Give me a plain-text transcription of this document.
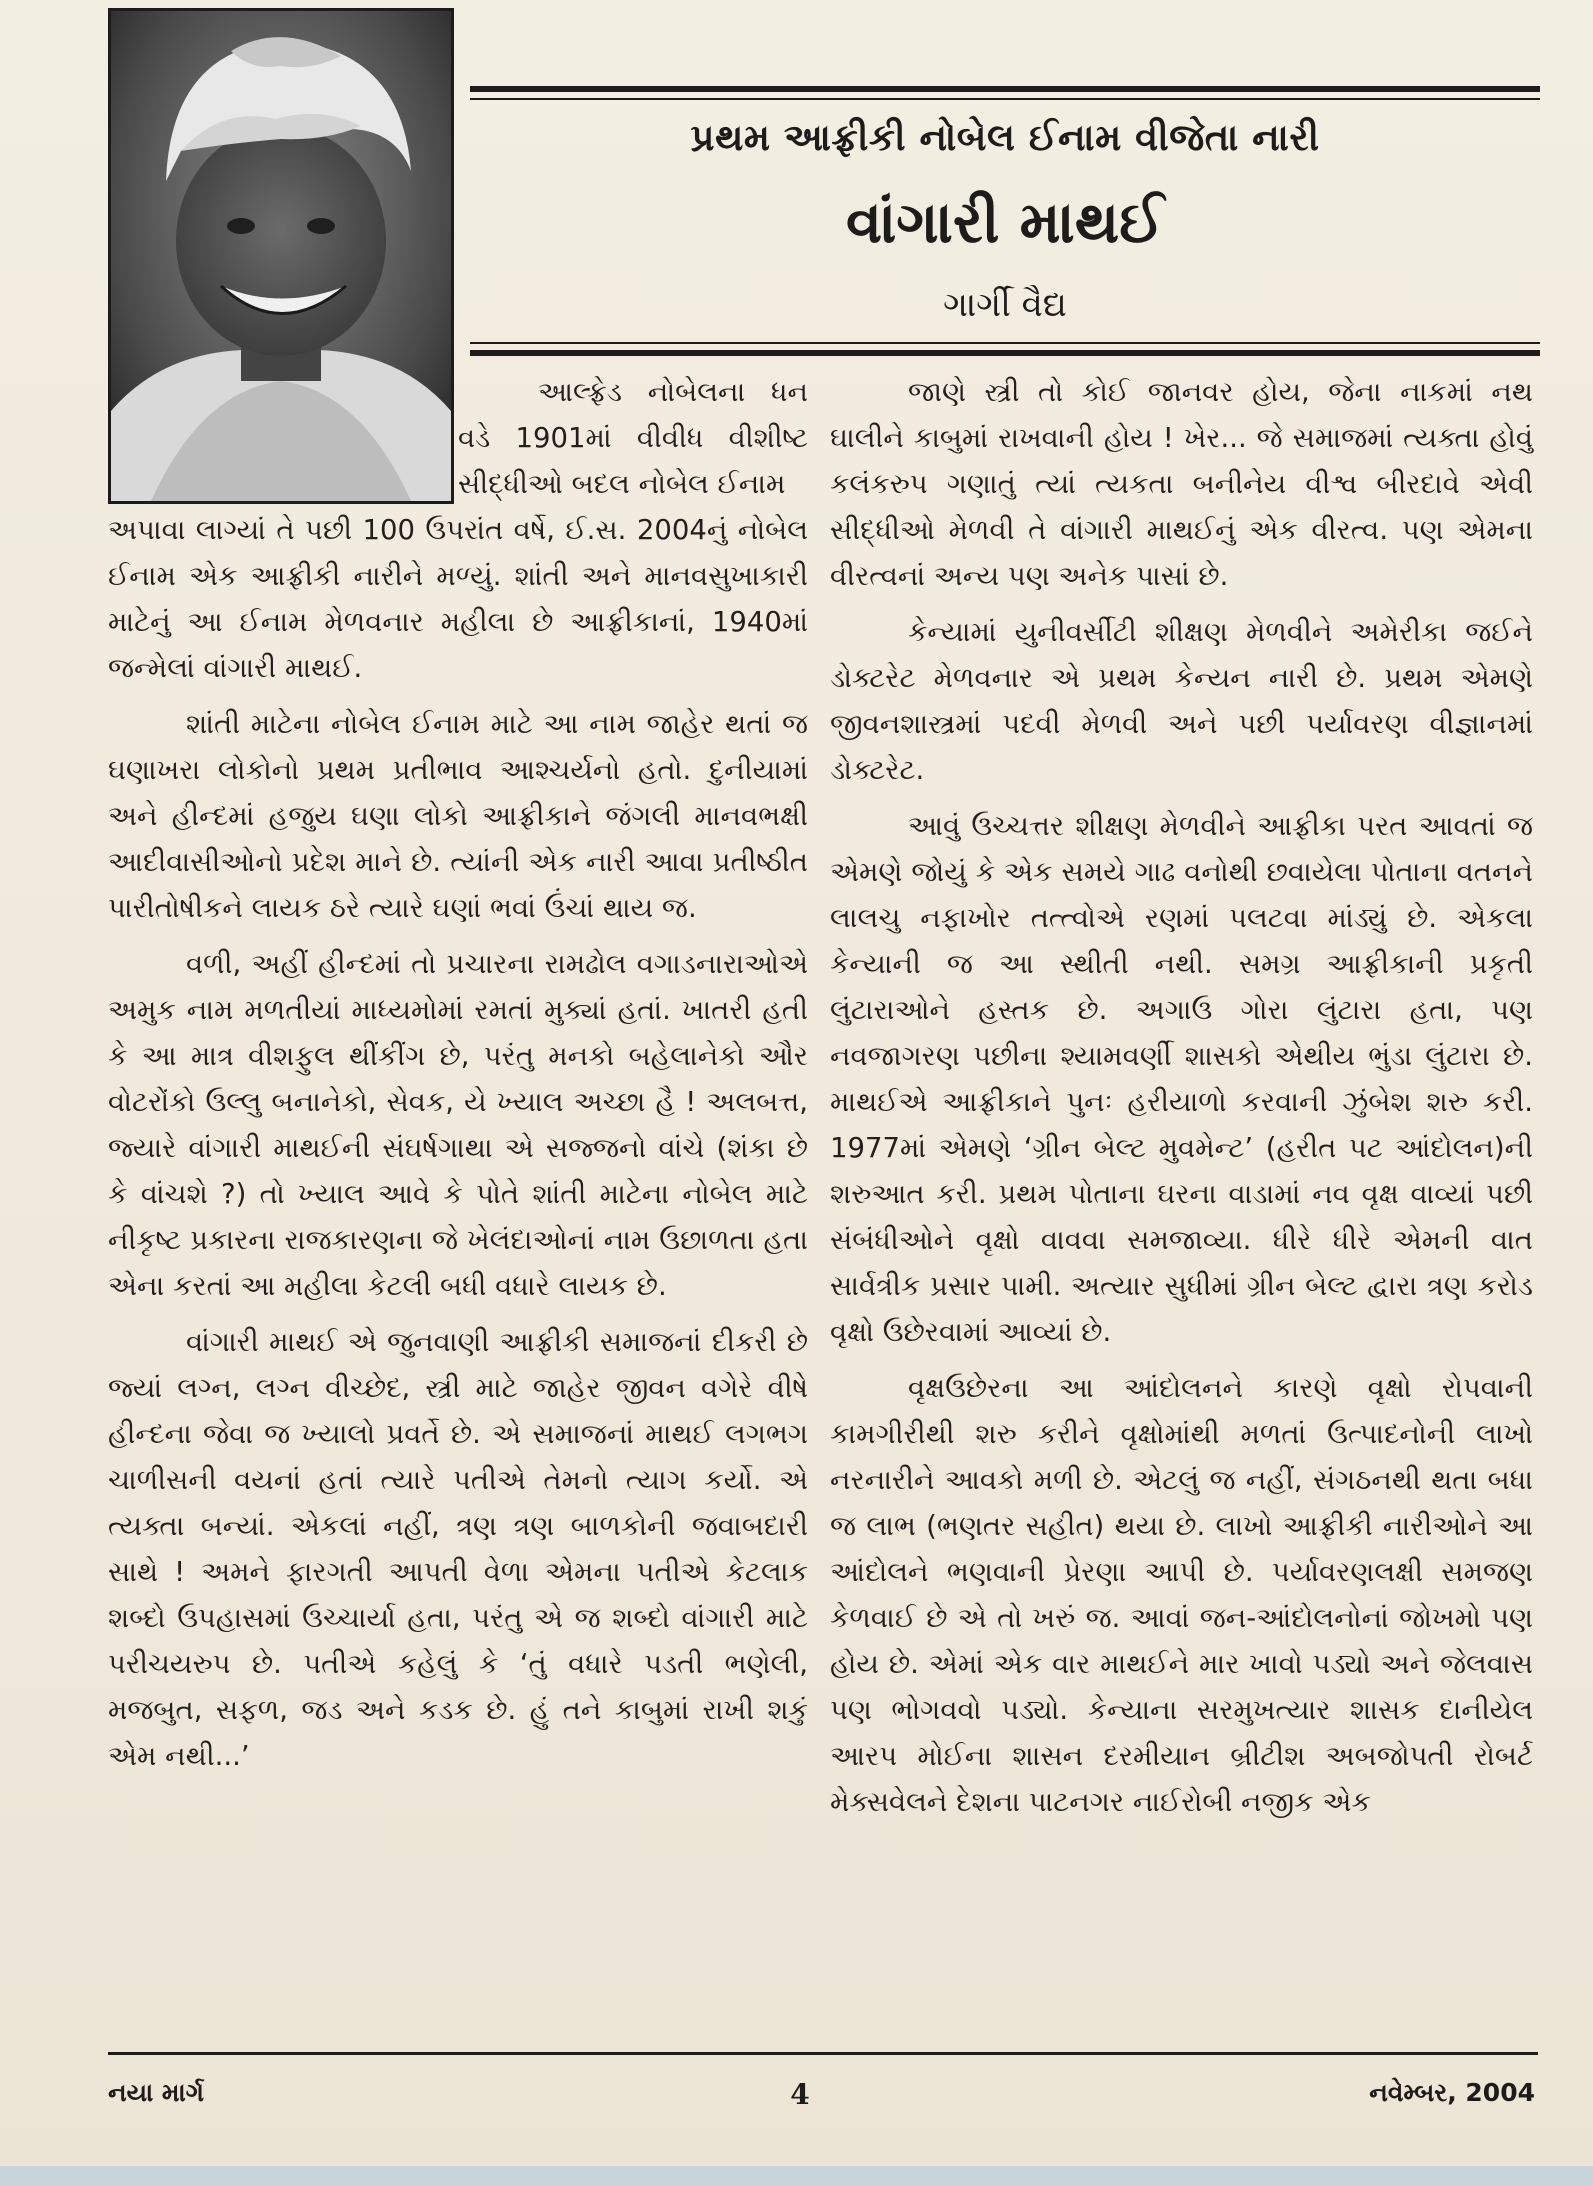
પ્રથમ આફ્રીકી નોબેલ ઈનામ વીજેતા નારી
વાંગારી માથઈ
ગાર્ગી વૈદ્ય

આલ્ફ્રેડ નોબેલના ધન વડે 1901માં વીવીધ વીશીષ્ટ સીદ્ધીઓ બદલ નોબેલ ઈનામ

અપાવા લાગ્યાં તે પછી 100 ઉપરાંત વર્ષે, ઈ.સ. 2004નું નોબેલ ઈનામ એક આફ્રીકી નારીને મળ્યું. શાંતી અને માનવસુખાકારી માટેનું આ ઈનામ મેળવનાર મહીલા છે આફ્રીકાનાં, 1940માં જન્મેલાં વાંગારી માથઈ.

શાંતી માટેના નોબેલ ઈનામ માટે આ નામ જાહેર થતાં જ ઘણાખરા લોકોનો પ્રથમ પ્રતીભાવ આશ્ચર્યનો હતો. દુનીયામાં અને હીન્દમાં હજુય ઘણા લોકો આફ્રીકાને જંગલી માનવભક્ષી આદીવાસીઓનો પ્રદેશ માને છે. ત્યાંની એક નારી આવા પ્રતીષ્ઠીત પારીતોષીકને લાયક ઠરે ત્યારે ઘણાં ભવાં ઉંચાં થાય જ.

વળી, અહીં હીન્દમાં તો પ્રચારના રામઢોલ વગાડનારાઓએ અમુક નામ મળતીયાં માધ્યમોમાં રમતાં મુક્યાં હતાં. ખાતરી હતી કે આ માત્ર વીશફુલ થીંકીંગ છે, પરંતુ મનકો બહેલાનેકો ઔર વોટરોંકો ઉલ્લુ બનાનેકો, સેવક, યે ખ્યાલ અચ્છા હૈ ! અલબત્ત, જ્યારે વાંગારી માથઈની સંઘર્ષગાથા એ સજ્જનો વાંચે (શંકા છે કે વાંચશે ?) તો ખ્યાલ આવે કે પોતે શાંતી માટેના નોબેલ માટે નીકૃષ્ટ પ્રકારના રાજકારણના જે ખેલંદાઓનાં નામ ઉછાળતા હતા એના કરતાં આ મહીલા કેટલી બધી વધારે લાયક છે.

વાંગારી માથઈ એ જુનવાણી આફ્રીકી સમાજનાં દીકરી છે જ્યાં લગ્ન, લગ્ન વીચ્છેદ, સ્ત્રી માટે જાહેર જીવન વગેરે વીષે હીન્દના જેવા જ ખ્યાલો પ્રવર્તે છે. એ સમાજનાં માથઈ લગભગ ચાળીસની વયનાં હતાં ત્યારે પતીએ તેમનો ત્યાગ કર્યો. એ ત્યક્તા બન્યાં. એકલાં નહીં, ત્રણ ત્રણ બાળકોની જવાબદારી સાથે ! અમને ફારગતી આપતી વેળા એમના પતીએ કેટલાક શબ્દો ઉપહાસમાં ઉચ્ચાર્યા હતા, પરંતુ એ જ શબ્દો વાંગારી માટે પરીચયરુપ છે. પતીએ કહેલું કે ‘તું વધારે પડતી ભણેલી, મજબુત, સફળ, જડ અને કડક છે. હું તને કાબુમાં રાખી શકું એમ નથી...’

જાણે સ્ત્રી તો કોઈ જાનવર હોય, જેના નાકમાં નથ ઘાલીને કાબુમાં રાખવાની હોય ! ખેર... જે સમાજમાં ત્યક્તા હોવું કલંકરુપ ગણાતું ત્યાં ત્યકતા બનીનેય વીશ્વ બીરદાવે એવી સીદ્ધીઓ મેળવી તે વાંગારી માથઈનું એક વીરત્વ. પણ એમના વીરત્વનાં અન્ય પણ અનેક પાસાં છે.

કેન્યામાં યુનીવર્સીટી શીક્ષણ મેળવીને અમેરીકા જઈને ડોક્ટરેટ મેળવનાર એ પ્રથમ કેન્યન નારી છે. પ્રથમ એમણે જીવનશાસ્ત્રમાં પદવી મેળવી અને પછી પર્યાવરણ વીજ્ઞાનમાં ડોક્ટરેટ.

આવું ઉચ્ચત્તર શીક્ષણ મેળવીને આફ્રીકા પરત આવતાં જ એમણે જોયું કે એક સમયે ગાઢ વનોથી છવાયેલા પોતાના વતનને લાલચુ નફાખોર તત્ત્વોએ રણમાં પલટવા માંડ્યું છે. એકલા કેન્યાની જ આ સ્થીતી નથી. સમગ્ર આફ્રીકાની પ્રકૃતી લુંટારાઓને હસ્તક છે. અગાઉ ગોરા લુંટારા હતા, પણ નવજાગરણ પછીના શ્યામવર્ણી શાસકો એથીય ભુંડા લુંટારા છે. માથઈએ આફ્રીકાને પુનઃ હરીયાળો કરવાની ઝુંબેશ શરુ કરી. 1977માં એમણે ‘ગ્રીન બેલ્ટ મુવમેન્ટ’ (હરીત પટ આંદોલન)ની શરુઆત કરી. પ્રથમ પોતાના ઘરના વાડામાં નવ વૃક્ષ વાવ્યાં પછી સંબંધીઓને વૃક્ષો વાવવા સમજાવ્યા. ધીરે ધીરે એમની વાત સાર્વત્રીક પ્રસાર પામી. અત્યાર સુધીમાં ગ્રીન બેલ્ટ દ્વારા ત્રણ કરોડ વૃક્ષો ઉછેરવામાં આવ્યાં છે.

વૃક્ષઉછેરના આ આંદોલનને કારણે વૃક્ષો રોપવાની કામગીરીથી શરુ કરીને વૃક્ષોમાંથી મળતાં ઉત્પાદનોની લાખો નરનારીને આવકો મળી છે. એટલું જ નહીં, સંગઠનથી થતા બધા જ લાભ (ભણતર સહીત) થયા છે. લાખો આફ્રીકી નારીઓને આ આંદોલને ભણવાની પ્રેરણા આપી છે. પર્યાવરણલક્ષી સમજણ કેળવાઈ છે એ તો ખરું જ. આવાં જન-આંદોલનોનાં જોખમો પણ હોય છે. એમાં એક વાર માથઈને માર ખાવો પડ્યો અને જેલવાસ પણ ભોગવવો પડ્યો. કેન્યાના સરમુખત્યાર શાસક દાનીયેલ આરપ મોઈના શાસન દરમીયાન બ્રીટીશ અબજોપતી રોબર્ટ મેક્સવેલને દેશના પાટનગર નાઈરોબી નજીક એક

નયા માર્ગ	4	નવેમ્બર, 2004
